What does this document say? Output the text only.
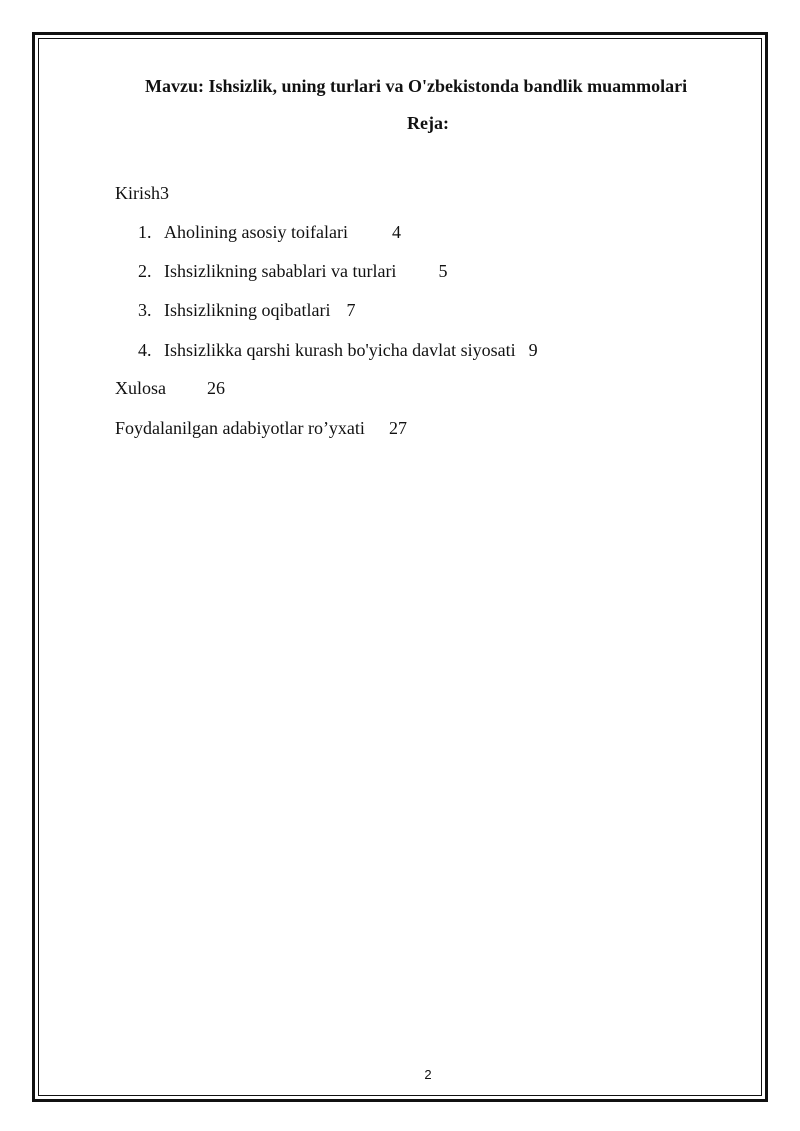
Mavzu: Ishsizlik, uning turlari va O'zbekistonda bandlik muammolari
Reja:
Kirish3
1. Aholining asosiy toifalari 4
2. Ishsizlikning sabablari va turlari 5
3. Ishsizlikning oqibatlari 7
4. Ishsizlikka qarshi kurash bo'yicha davlat siyosati 9
Xulosa 26
Foydalanilgan adabiyotlar ro’yxati 27
2
